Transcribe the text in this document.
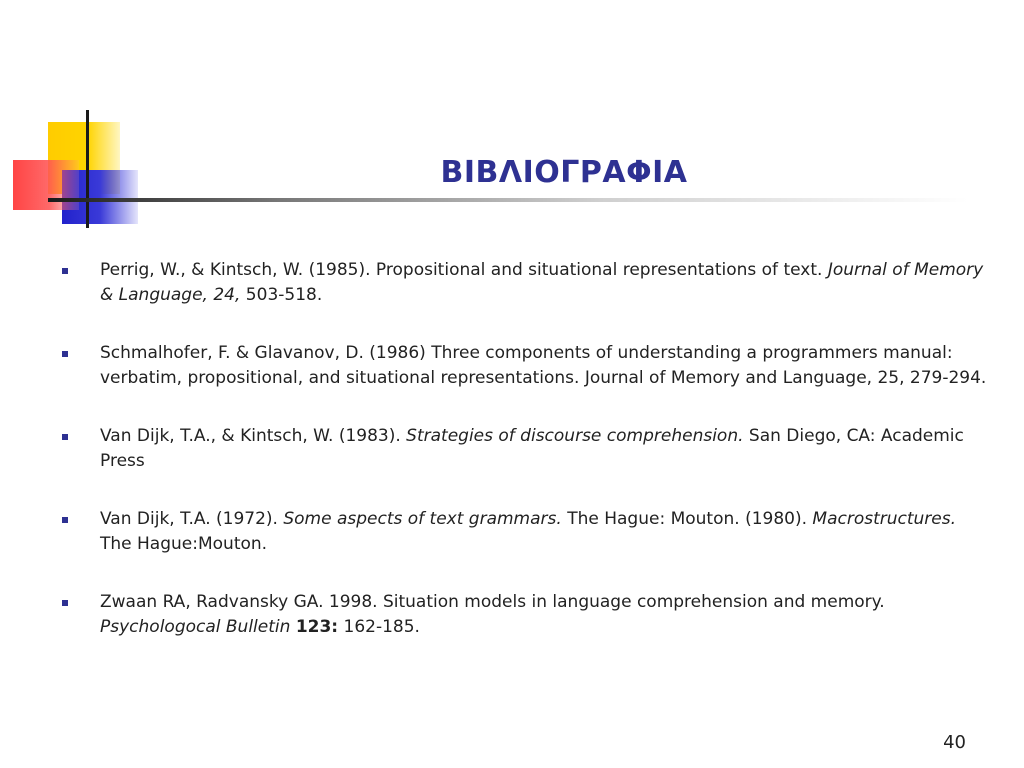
ΒΙΒΛΙΟΓΡΑΦΙΑ
Perrig, W., & Kintsch, W. (1985). Propositional and situational representations of text. Journal of Memory & Language, 24, 503-518.
Schmalhofer, F. & Glavanov, D. (1986) Three components of understanding a programmers manual: verbatim, propositional, and situational representations. Journal of Memory and Language, 25, 279-294.
Van Dijk, T.A., & Kintsch, W. (1983). Strategies of discourse comprehension. San Diego, CA: Academic Press
Van Dijk, T.A. (1972). Some aspects of text grammars. The Hague: Mouton. (1980). Macrostructures. The Hague:Mouton.
Zwaan RA, Radvansky GA. 1998. Situation models in language comprehension and memory. Psychologocal Bulletin 123: 162-185.
40
